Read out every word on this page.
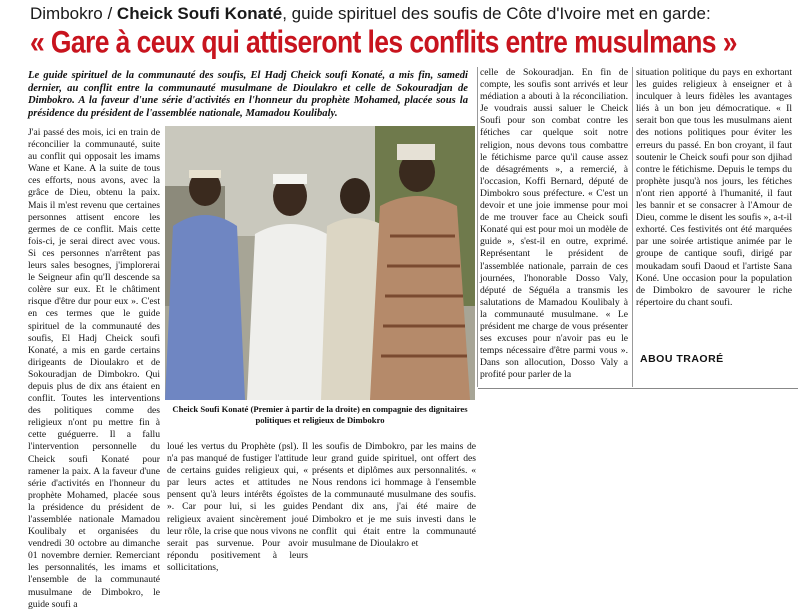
Dimbokro / Cheick Soufi Konaté, guide spirituel des soufis de Côte d'Ivoire met en garde:
« Gare à ceux qui attiseront les conflits entre musulmans »
Le guide spirituel de la communauté des soufis, El Hadj Cheick soufi Konaté, a mis fin, samedi dernier, au conflit entre la communauté musulmane de Dioulakro et celle de Sokouradjan de Dimbokro. A la faveur d'une série d'activités en l'honneur du prophète Mohamed, placée sous la présidence du président de l'assemblée nationale, Mamadou Koulibaly.

J'ai passé des mois, ici en train de réconcilier la communauté, suite au conflit qui opposait les imams Wane et Kane. A la suite de tous ces efforts, nous avons, avec la grâce de Dieu, obtenu la paix. Mais il m'est revenu que certaines personnes attisent encore les germes de ce conflit. Mais cette fois-ci, je serai direct avec vous. Si ces personnes n'arrêtent pas leurs sales besognes, j'implorerai le Seigneur afin qu'Il descende sa colère sur eux. Et le châtiment risque d'être dur pour eux ». C'est en ces termes que le guide spirituel de la communauté des soufis, El Hadj Cheick soufi Konaté, a mis en garde certains dirigeants de Dioulakro et de Sokouradjan de Dimbokro. Qui depuis plus de dix ans étaient en conflit. Toutes les interventions des politiques comme des religieux n'ont pu mettre fin à cette guéguerre. Il a fallu l'intervention personnelle du Cheick soufi Konaté pour ramener la paix. A la faveur d'une série d'activités en l'honneur du prophète Mohamed, placée sous la présidence du président de l'assemblée nationale Mamadou Koulibaly et organisées du vendredi 30 octobre au dimanche 01 novembre dernier. Remerciant les personnalités, les imams et l'ensemble de la communauté musulmane de Dimbokro, le guide soufi a

Cheick Soufi Konaté (Premier à partir de la droite) en compagnie des dignitaires politiques et religieux de Dimbokro

loué les vertus du Prophète (psl). Il n'a pas manqué de fustiger l'attitude de certains guides religieux qui, « par leurs actes et attitudes ne pensent qu'à leurs intérêts égoïstes ». Car pour lui, si les guides religieux avaient sincèrement joué leur rôle, la crise que nous vivons ne serait pas survenue. Pour avoir répondu positivement à leurs sollicitations,

celle de Sokouradjan. En fin de compte, les soufis sont arrivés et leur médiation a abouti à la réconciliation. Je voudrais aussi saluer le Cheick Soufi pour son combat contre les fétiches car quelque soit notre religion, nous devons tous combattre le fétichisme parce qu'il cause assez de désagréments », a remercié, à l'occasion, Koffi Bernard, député de Dimbokro sous préfecture. « C'est un devoir et une joie immense pour moi de me trouver face au Cheick soufi Konaté qui est pour moi un modèle de guide », s'est-il en outre, exprimé. Représentant le président de l'assemblée nationale, parrain de ces journées, l'honorable Dosso Valy, député de Séguéla a transmis les salutations de Mamadou Koulibaly à la communauté musulmane. « Le président me charge de vous présenter ses excuses pour n'avoir pas eu le temps nécessaire d'être parmi vous ». Dans son allocution, Dosso Valy a profité pour parler de la

les soufis de Dimbokro, par les mains de leur grand guide spirituel, ont offert des présents et diplômes aux personnalités. « Nous rendons ici hommage à l'ensemble de la communauté musulmane des soufis. Pendant dix ans, j'ai été maire de Dimbokro et je me suis investi dans le conflit qui était entre la communauté musulmane de Dioulakro et

situation politique du pays en exhortant les guides religieux à enseigner et à inculquer à leurs fidèles les avantages liés à un bon jeu démocratique. « Il serait bon que tous les musulmans aient des notions politiques pour éviter les erreurs du passé. En bon croyant, il faut soutenir le Cheick soufi pour son djihad contre le fétichisme. Depuis le temps du prophète jusqu'à nos jours, les fétiches n'ont rien apporté à l'humanité, il faut les bannir et se consacrer à l'Amour de Dieu, comme le disent les soufis », a-t-il exhorté. Ces festivités ont été marquées par une soirée artistique animée par le groupe de cantique soufi, dirigé par moukadam soufi Daoud et l'artiste Sana Koné. Une occasion pour la population de Dimbokro de savourer le riche répertoire du chant soufi.

ABOU TRAORÉ
